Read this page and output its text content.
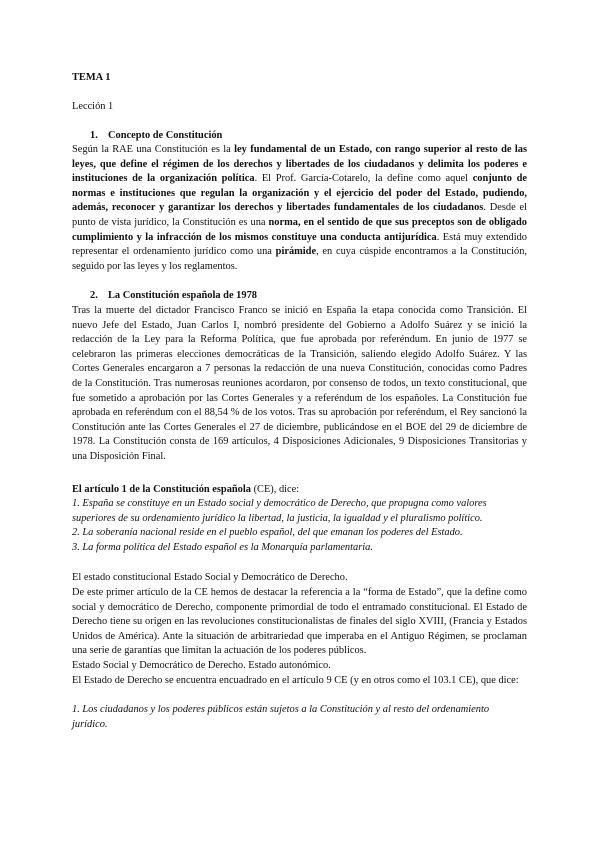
TEMA 1
Lección 1
1. Concepto de Constitución

Según la RAE una Constitución es la ley fundamental de un Estado, con rango superior al resto de las leyes, que define el régimen de los derechos y libertades de los ciudadanos y delimita los poderes e instituciones de la organización política. El Prof. García-Cotarelo, la define como aquel conjunto de normas e instituciones que regulan la organización y el ejercicio del poder del Estado, pudiendo, además, reconocer y garantizar los derechos y libertades fundamentales de los ciudadanos. Desde el punto de vista jurídico, la Constitución es una norma, en el sentido de que sus preceptos son de obligado cumplimiento y la infracción de los mismos constituye una conducta antijurídica. Está muy extendido representar el ordenamiento jurídico como una pirámide, en cuya cúspide encontramos a la Constitución, seguido por las leyes y los reglamentos.

2. La Constitución española de 1978

Tras la muerte del dictador Francisco Franco se inició en España la etapa conocida como Transición. El nuevo Jefe del Estado, Juan Carlos I, nombró presidente del Gobierno a Adolfo Suárez y se inició la redacción de la Ley para la Reforma Política, que fue aprobada por referéndum. En junio de 1977 se celebraron las primeras elecciones democráticas de la Transición, saliendo elegido Adolfo Suárez. Y las Cortes Generales encargaron a 7 personas la redacción de una nueva Constitución, conocidas como Padres de la Constitución. Tras numerosas reuniones acordaron, por consenso de todos, un texto constitucional, que fue sometido a aprobación por las Cortes Generales y a referéndum de los españoles. La Constitución fue aprobada en referéndum con el 88,54 % de los votos. Tras su aprobación por referéndum, el Rey sancionó la Constitución ante las Cortes Generales el 27 de diciembre, publicándose en el BOE del 29 de diciembre de 1978. La Constitución consta de 169 artículos, 4 Disposiciones Adicionales, 9 Disposiciones Transitorias y una Disposición Final.

El artículo 1 de la Constitución española (CE), dice:

1. España se constituye en un Estado social y democrático de Derecho, que propugna como valores superiores de su ordenamiento jurídico la libertad, la justicia, la igualdad y el pluralismo político.

2. La soberanía nacional reside en el pueblo español, del que emanan los poderes del Estado.

3. La forma política del Estado español es la Monarquía parlamentaria.

El estado constitucional Estado Social y Democrático de Derecho.

De este primer artículo de la CE hemos de destacar la referencia a la “forma de Estado”, que la define como social y democrático de Derecho, componente primordial de todo el entramado constitucional. El Estado de Derecho tiene su origen en las revoluciones constitucionalistas de finales del siglo XVIII, (Francia y Estados Unidos de América). Ante la situación de arbitrariedad que imperaba en el Antiguo Régimen, se proclaman una serie de garantías que limitan la actuación de los poderes públicos.

Estado Social y Democrático de Derecho. Estado autonómico.

El Estado de Derecho se encuentra encuadrado en el artículo 9 CE (y en otros como el 103.1 CE), que dice:

1. Los ciudadanos y los poderes públicos están sujetos a la Constitución y al resto del ordenamiento jurídico.
